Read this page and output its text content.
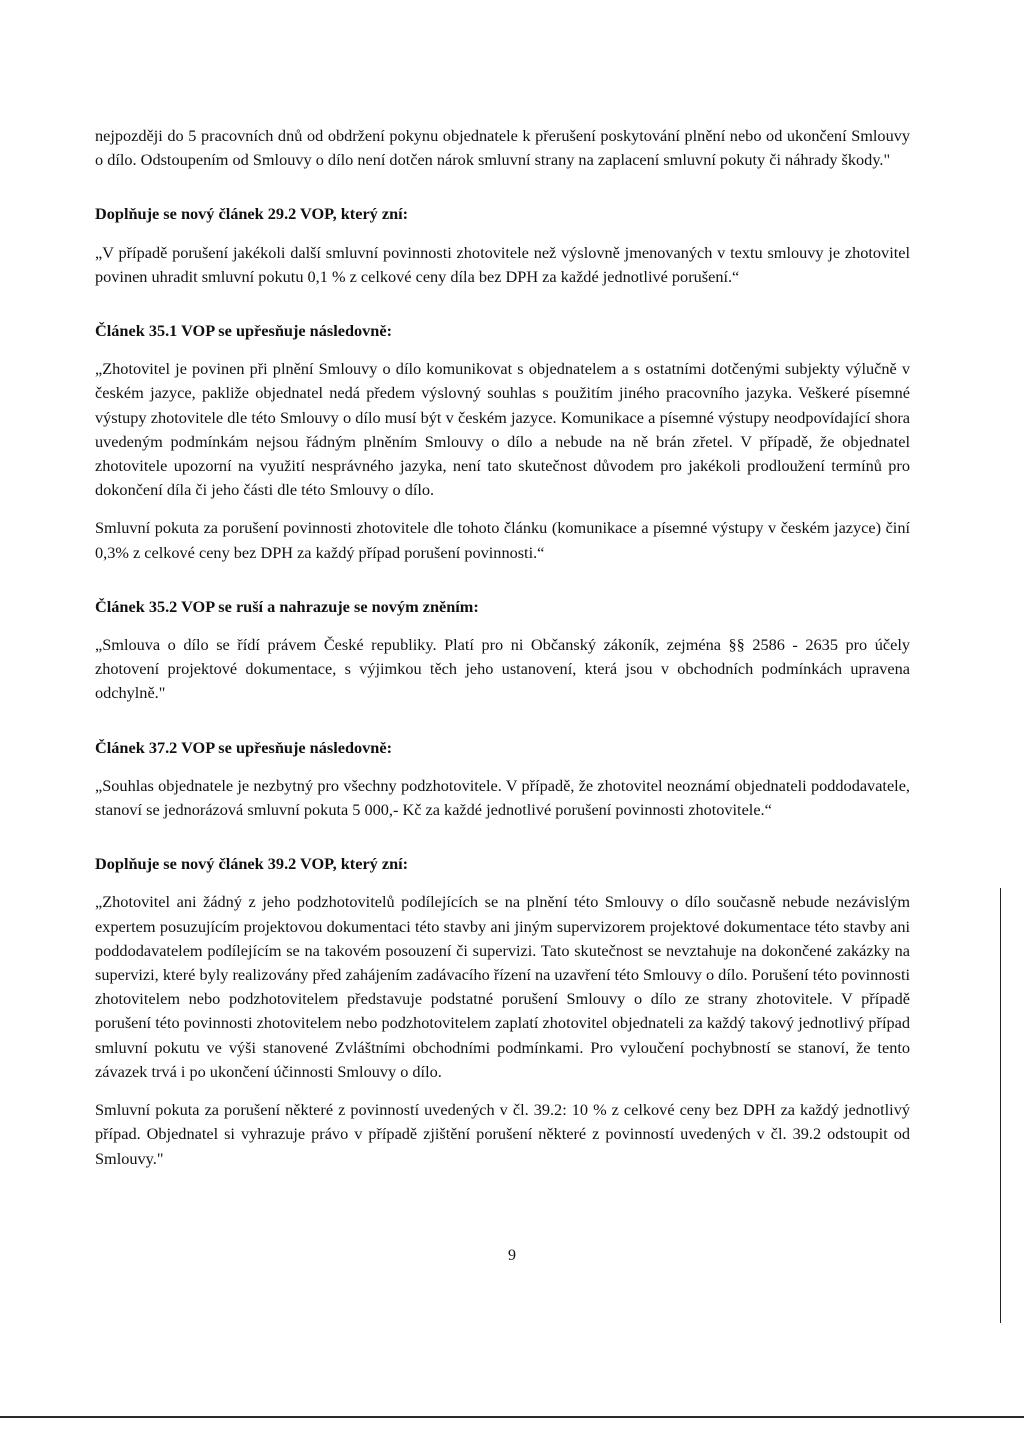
nejpozději do 5 pracovních dnů od obdržení pokynu objednatele k přerušení poskytování plnění nebo od ukončení Smlouvy o dílo. Odstoupením od Smlouvy o dílo není dotčen nárok smluvní strany na zaplacení smluvní pokuty či náhrady škody."

Doplňuje se nový článek 29.2 VOP, který zní:

„V případě porušení jakékoli další smluvní povinnosti zhotovitele než výslovně jmenovaných v textu smlouvy je zhotovitel povinen uhradit smluvní pokutu 0,1 % z celkové ceny díla bez DPH za každé jednotlivé porušení.“

Článek 35.1 VOP se upřesňuje následovně:

„Zhotovitel je povinen při plnění Smlouvy o dílo komunikovat s objednatelem a s ostatními dotčenými subjekty výlučně v českém jazyce, pakliže objednatel nedá předem výslovný souhlas s použitím jiného pracovního jazyka. Veškeré písemné výstupy zhotovitele dle této Smlouvy o dílo musí být v českém jazyce. Komunikace a písemné výstupy neodpovídající shora uvedeným podmínkám nejsou řádným plněním Smlouvy o dílo a nebude na ně brán zřetel. V případě, že objednatel zhotovitele upozorní na využití nesprávného jazyka, není tato skutečnost důvodem pro jakékoli prodloužení termínů pro dokončení díla či jeho části dle této Smlouvy o dílo.

Smluvní pokuta za porušení povinnosti zhotovitele dle tohoto článku (komunikace a písemné výstupy v českém jazyce) činí 0,3% z celkové ceny bez DPH za každý případ porušení povinnosti.“

Článek 35.2 VOP se ruší a nahrazuje se novým zněním:

„Smlouva o dílo se řídí právem České republiky. Platí pro ni Občanský zákoník, zejména §§ 2586 - 2635 pro účely zhotovení projektové dokumentace, s výjimkou těch jeho ustanovení, která jsou v obchodních podmínkách upravena odchylně."

Článek 37.2 VOP se upřesňuje následovně:

„Souhlas objednatele je nezbytný pro všechny podzhotovitele. V případě, že zhotovitel neoznámí objednateli poddodavatele, stanoví se jednorázová smluvní pokuta 5 000,- Kč za každé jednotlivé porušení povinnosti zhotovitele.“

Doplňuje se nový článek 39.2 VOP, který zní:

„Zhotovitel ani žádný z jeho podzhotovitelů podílejících se na plnění této Smlouvy o dílo současně nebude nezávislým expertem posuzujícím projektovou dokumentaci této stavby ani jiným supervizorem projektové dokumentace této stavby ani poddodavatelem podílejícím se na takovém posouzení či supervizi. Tato skutečnost se nevztahuje na dokončené zakázky na supervizi, které byly realizovány před zahájením zadávacího řízení na uzavření této Smlouvy o dílo. Porušení této povinnosti zhotovitelem nebo podzhotovitelem představuje podstatné porušení Smlouvy o dílo ze strany zhotovitele. V případě porušení této povinnosti zhotovitelem nebo podzhotovitelem zaplatí zhotovitel objednateli za každý takový jednotlivý případ smluvní pokutu ve výši stanovené Zvláštními obchodními podmínkami. Pro vyloučení pochybností se stanoví, že tento závazek trvá i po ukončení účinnosti Smlouvy o dílo.

Smluvní pokuta za porušení některé z povinností uvedených v čl. 39.2: 10 % z celkové ceny bez DPH za každý jednotlivý případ. Objednatel si vyhrazuje právo v případě zjištění porušení některé z povinností uvedených v čl. 39.2 odstoupit od Smlouvy."

9
